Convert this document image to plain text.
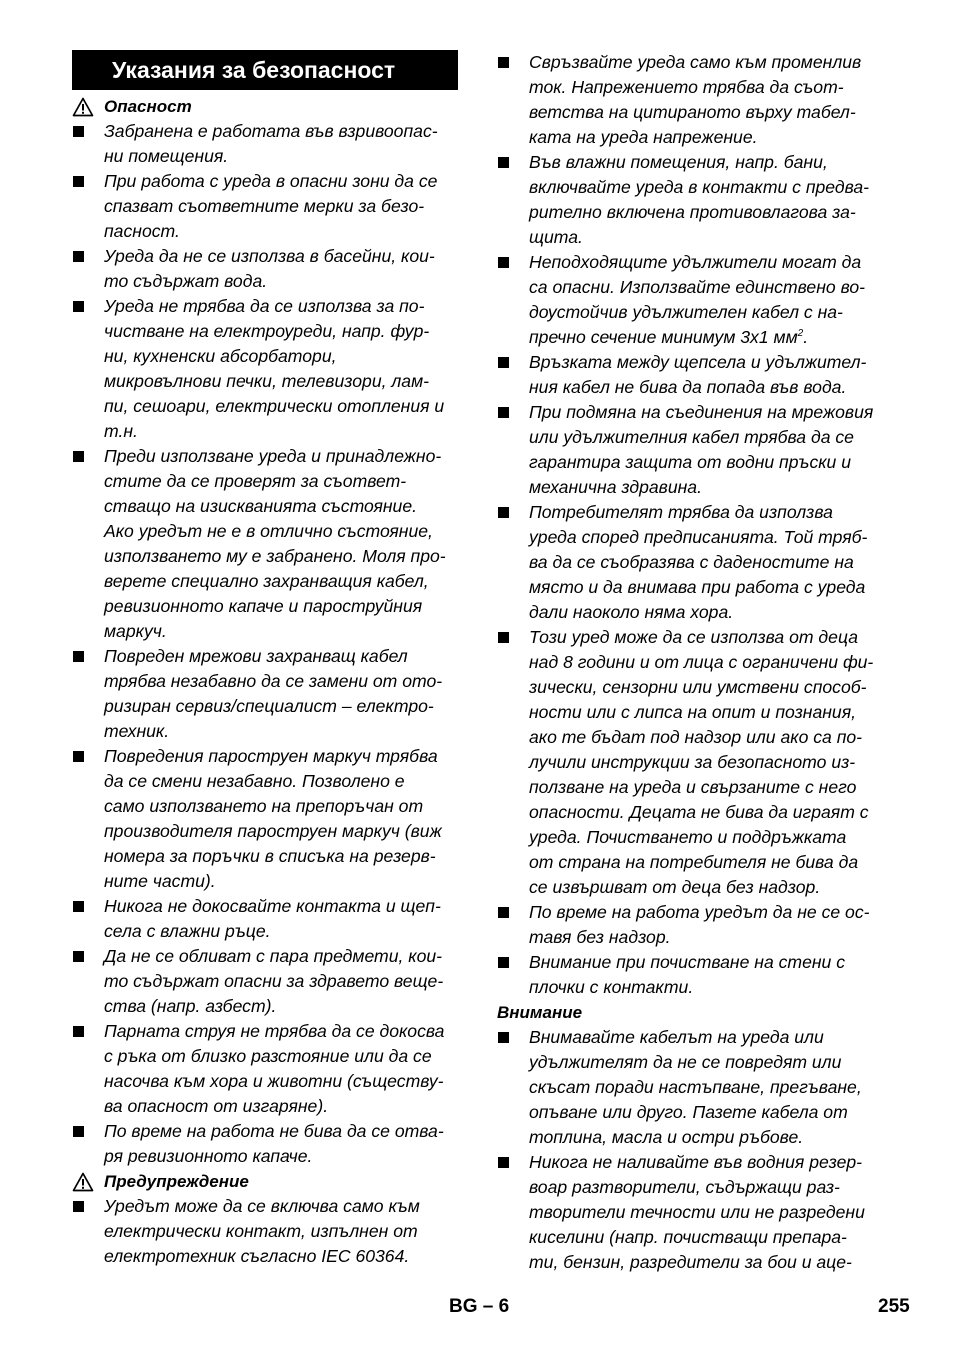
Указания за безопасност
Опасност
Забранена е работата във взривоопас-
ни помещения.
При работа с уреда в опасни зони да се
спазват съответните мерки за безо-
пасност.
Уреда да не се използва в басейни, кои-
то съдържат вода.
Уреда не трябва да се използва за по-
чистване на електроуреди, напр. фур-
ни, кухненски абсорбатори,
микровълнови печки, телевизори, лам-
пи, сешоари, електрически отопления и
т.н.
Преди използване уреда и принадлежно-
стите да се проверят за съответ-
стващо на изискванията състояние.
Ако уредът не е в отлично състояние,
използването му е забранено. Моля про-
верете специално захранващия кабел,
ревизионното капаче и пароструйния
маркуч.
Повреден мрежови захранващ кабел
трябва незабавно да се замени от ото-
ризиран сервиз/специалист – електро-
техник.
Повредения пароструен маркуч трябва
да се смени незабавно. Позволено е
само използването на препоръчан от
производителя пароструен маркуч (виж
номера за поръчки в списъка на резерв-
ните части).
Никога не докосвайте контакта и щеп-
села с влажни ръце.
Да не се обливат с пара предмети, кои-
то съдържат опасни за здравето веще-
ства (напр. азбест).
Парната струя не трябва да се докосва
с ръка от близко разстояние или да се
насочва към хора и животни (съществу-
ва опасност от изгаряне).
По време на работа не бива да се отва-
ря ревизионното капаче.
Предупреждение
Уредът може да се включва само към
електрически контакт, изпълнен от
електротехник съгласно IEC 60364.
Свръзвайте уреда само към променлив
ток. Напрежението трябва да съот-
ветства на цитираното върху табел-
ката на уреда напрежение.
Във влажни помещения, напр. бани,
включвайте уреда в контакти с предва-
рително включена противовлагова за-
щита.
Неподходящите удължители могат да
са опасни. Използвайте единствено во-
доустойчив удължителен кабел с на-
пречно сечение минимум 3x1 $мм^2$.
Връзката между щепсела и удължител-
ния кабел не бива да попада във вода.
При подмяна на съединения на мрежовия
или удължителния кабел трябва да се
гарантира защита от водни пръски и
механична здравина.
Потребителят трябва да използва
уреда според предписанията. Той тряб-
ва да се съобразява с даденостите на
място и да внимава при работа с уреда
дали наоколо няма хора.
Този уред може да се използва от деца
над 8 години и от лица с ограничени фи-
зически, сензорни или умствени способ-
ности или с липса на опит и познания,
ако те бъдат под надзор или ако са по-
лучили инструкции за безопасното из-
ползване на уреда и свързаните с него
опасности. Децата не бива да играят с
уреда. Почистването и поддръжката
от страна на потребителя не бива да
се извършват от деца без надзор.
По време на работа уредът да не се ос-
тавя без надзор.
Внимание при почистване на стени с
плочки с контакти.
Внимание
Внимавайте кабелът на уреда или
удължителят да не се повредят или
скъсат поради настъпване, прегъване,
опъване или друго. Пазете кабела от
топлина, масла и остри ръбове.
Никога не наливайте във водния резер-
воар разтворители, съдържащи раз-
творители течности или не разредени
киселини (напр. почистващи препара-
ти, бензин, разредители за бои и аце-
BG – 6	255
